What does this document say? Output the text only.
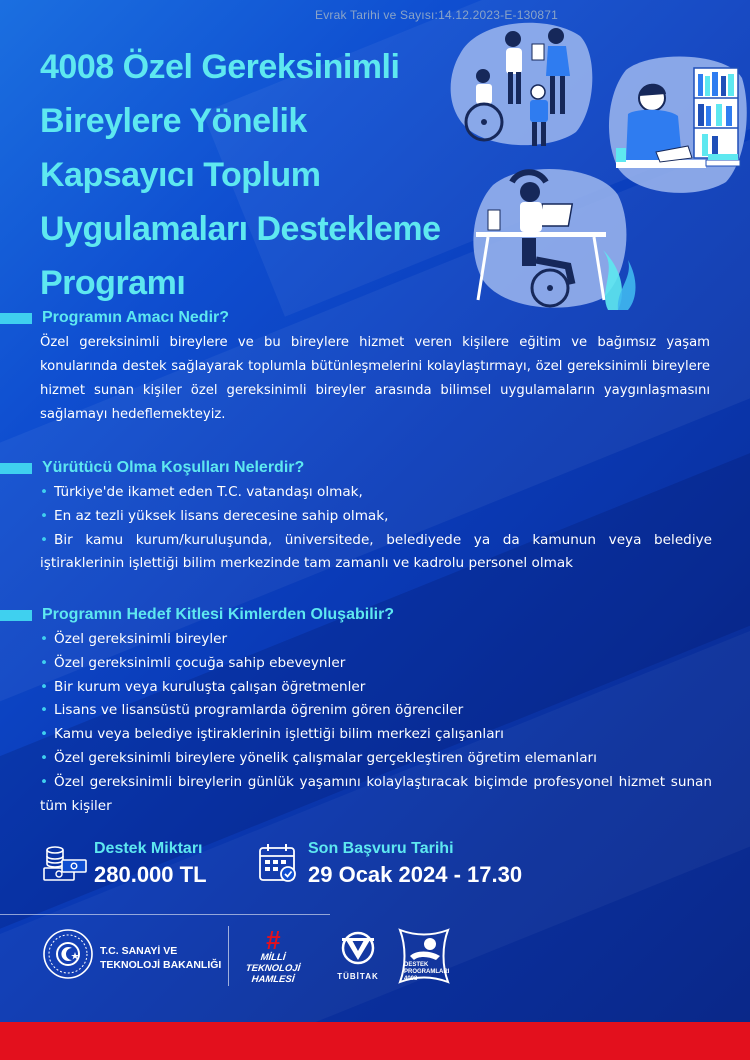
Evrak Tarihi ve Sayısı:14.12.2023-E-130871
4008 Özel Gereksinimli
Bireylere Yönelik
Kapsayıcı Toplum
Uygulamaları Destekleme
Programı
Programın Amacı Nedir?

Özel gereksinimli bireylere ve bu bireylere hizmet veren kişilere eğitim ve bağımsız yaşam konularında destek sağlayarak toplumla bütünleşmelerini kolaylaştırmayı, özel gereksinimli bireylere hizmet sunan kişiler özel gereksinimli bireyler arasında bilimsel uygulamaların yaygınlaşmasını sağlamayı hedeflemekteyiz.

Yürütücü Olma Koşulları Nelerdir?
• Türkiye'de ikamet eden T.C. vatandaşı olmak,
• En az tezli yüksek lisans derecesine sahip olmak,
• Bir kamu kurum/kuruluşunda, üniversitede, belediyede ya da kamunun veya belediye iştiraklerinin işlettiği bilim merkezinde tam zamanlı ve kadrolu personel olmak
Programın Hedef Kitlesi Kimlerden Oluşabilir?
• Özel gereksinimli bireyler
• Özel gereksinimli çocuğa sahip ebeveynler
• Bir kurum veya kuruluşta çalışan öğretmenler
• Lisans ve lisansüstü programlarda öğrenim gören öğrenciler
• Kamu veya belediye iştiraklerinin işlettiği bilim merkezi çalışanları
• Özel gereksinimli bireylere yönelik çalışmalar gerçekleştiren öğretim elemanları
• Özel gereksinimli bireylerin günlük yaşamını kolaylaştıracak biçimde profesyonel hizmet sunan tüm kişiler
Destek Miktarı
280.000 TL
Son Başvuru Tarihi
29 Ocak 2024 - 17.30
T.C. SANAYİ VE
TEKNOLOJİ BAKANLIĞI
#
MİLLİ
TEKNOLOJİ
HAMLESİ	TÜBİTAK
DESTEK
PROGRAMLARI
4008
